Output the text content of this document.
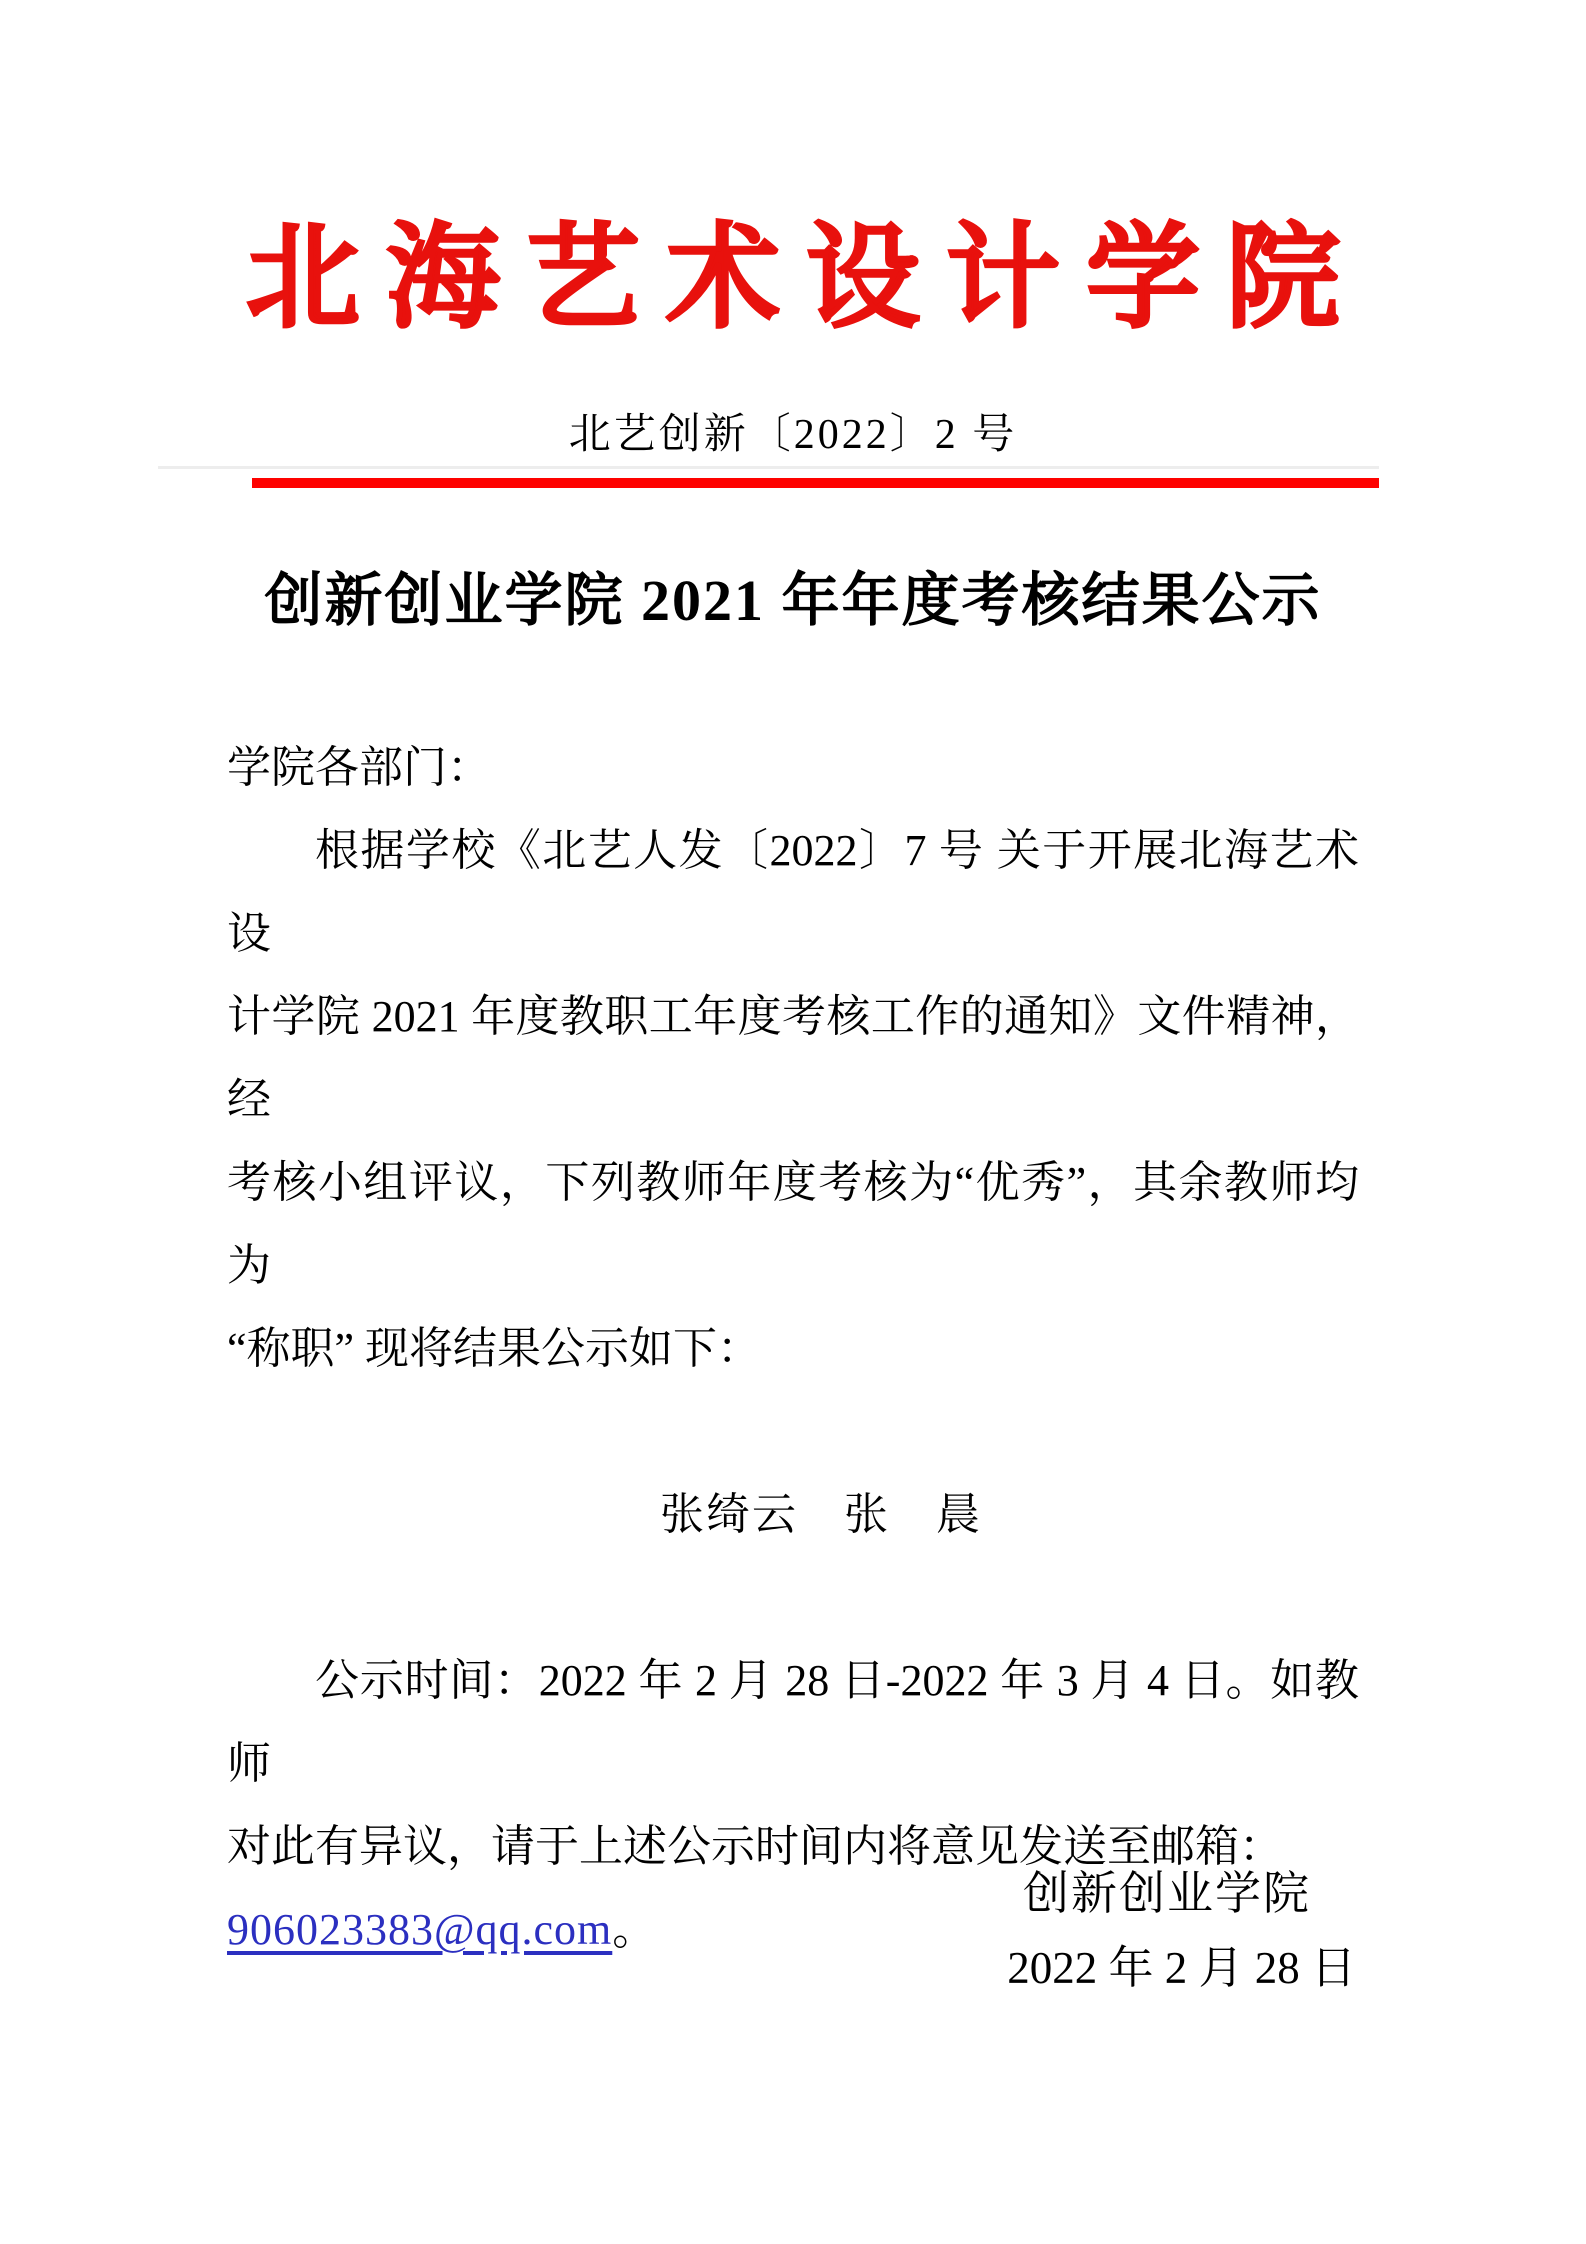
北海艺术设计学院
北艺创新〔2022〕2 号
创新创业学院 2021 年年度考核结果公示
学院各部门：
根据学校《北艺人发〔2022〕7 号 关于开展北海艺术设
计学院 2021 年度教职工年度考核工作的通知》文件精神，经
考核小组评议，下列教师年度考核为“优秀”，其余教师均为
“称职” 现将结果公示如下：
张绮云　张　晨
公示时间：2022 年 2 月 28 日-2022 年 3 月 4 日。如教师
对此有异议，请于上述公示时间内将意见发送至邮箱：
906023383@qq.com。
创新创业学院
2022 年 2 月 28 日
